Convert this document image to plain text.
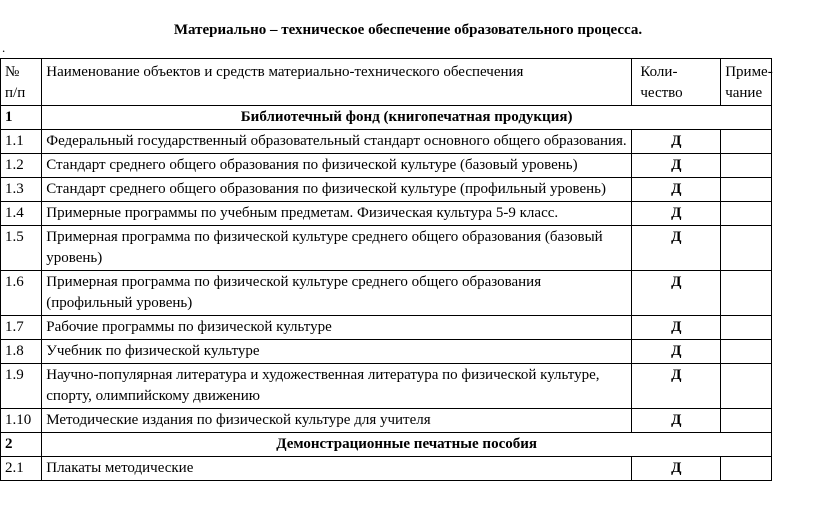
Материально – техническое обеспечение образовательного процесса.
.
№ п/п	Наименование объектов и средств материально-технического обеспечения	Коли-чество	Приме-чание
1	Библиотечный фонд (книгопечатная продукция)		
1.1	Федеральный государственный образовательный стандарт основного общего образования.	Д	
1.2	Стандарт среднего общего образования по физической культуре (базовый уровень)	Д	
1.3	Стандарт среднего общего образования по физической культуре (профильный уровень)	Д	
1.4	Примерные программы по учебным предметам. Физическая культура 5-9 класс.	Д	
1.5	Примерная программа по физической культуре среднего общего образования (базовый уровень)	Д	
1.6	Примерная программа по физической культуре среднего общего образования (профильный уровень)	Д	
1.7	Рабочие программы по физической культуре	Д	
1.8	Учебник по физической культуре	Д	
1.9	Научно-популярная литература и художественная литература по физической культуре, спорту, олимпийскому движению	Д	
1.10	Методические издания по физической культуре для учителя	Д	
2	Демонстрационные печатные пособия		
2.1	Плакаты методические	Д	
